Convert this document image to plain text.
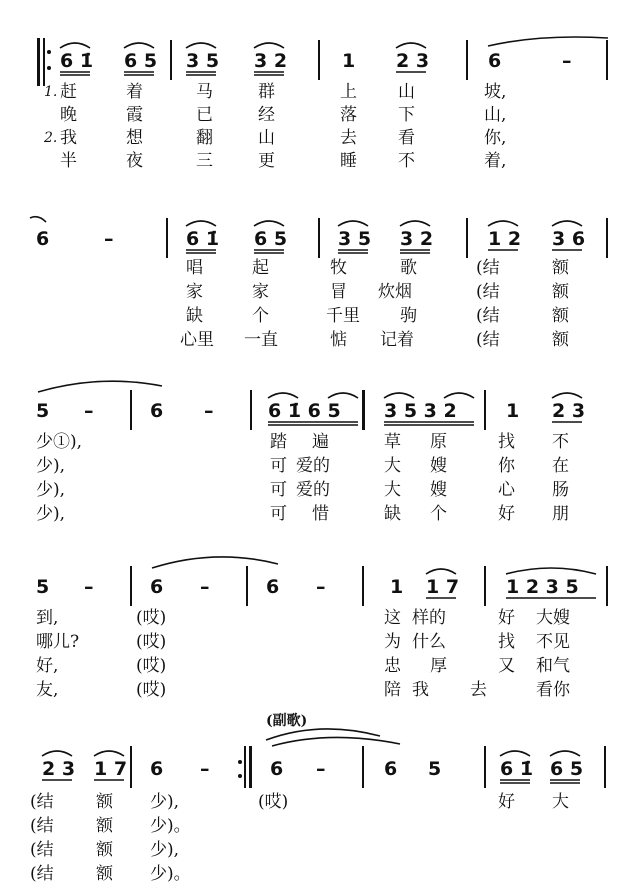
6 1̇ 6 5 3 5 3 2	1 2 3	6	–
1.
2.
赶	着	马	群	上 山	坡,
晚	霞	已	经	落 下	山,
我	想	翻	山	去 看	你,
半	夜	三	更	睡 不	着,
6	–	6 1̇ 6 5	3 5 3 2	1 2 3 6
唱	起	牧	歌	(结	额
家	家	冒 炊烟	(结	额
缺	个	千里 驹	(结	额
心里 一直	惦 记着	(结	额
5 –	6 –	6 1̇ 6 5 3 5 3 2	1 2 3
少①),	踏 遍	草 原	找 不
少),	可 爱的	大 嫂	你 在
少),	可 爱的	大 嫂	心 肠
少),	可 惜	缺 个	好 朋
5 –	6 –	6 –	1 1 7 1 2 3 5
到,	(哎)	这 样的	好 大嫂
哪儿?	(哎)	为 什么	找 不见
好,	(哎)	忠 厚	又 和气
友,	(哎)	陪 我 去	看你
(副歌)
2 3 1 7 6 –	6 –	6 5	6 1̇ 6 5
(结 额 少),	(哎)	好 大
(结 额 少)。
(结 额 少),
(结 额 少)。
